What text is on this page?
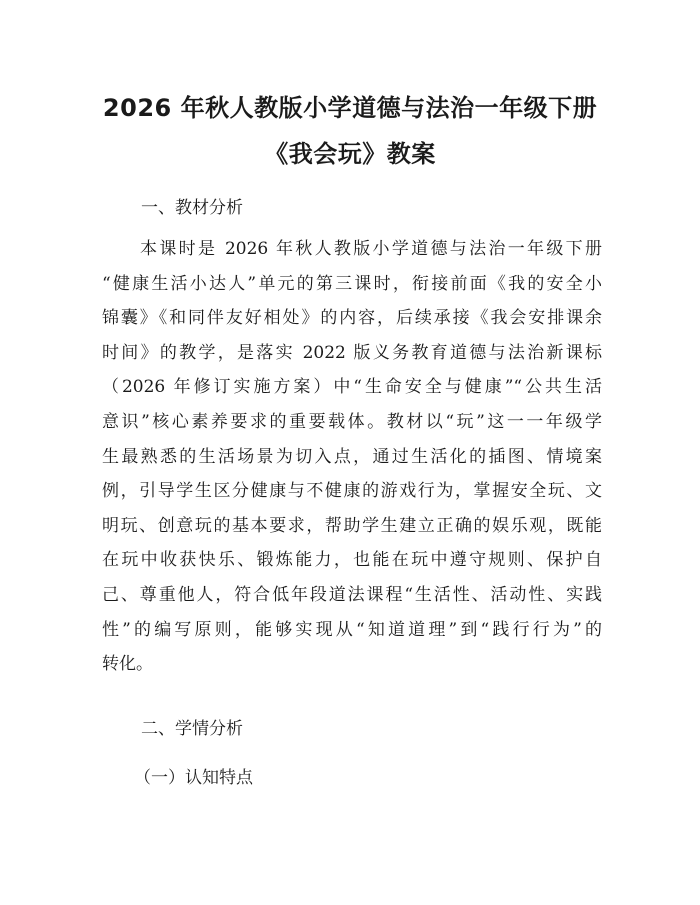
2026 年秋人教版小学道德与法治一年级下册
《我会玩》教案
一、教材分析
本课时是 2026 年秋人教版小学道德与法治一年级下册
“健康生活小达人”单元的第三课时，衔接前面《我的安全小
锦囊》《和同伴友好相处》的内容，后续承接《我会安排课余
时间》的教学，是落实 2022 版义务教育道德与法治新课标
（2026 年修订实施方案）中“生命安全与健康”“公共生活
意识”核心素养要求的重要载体。教材以“玩”这一一年级学
生最熟悉的生活场景为切入点，通过生活化的插图、情境案
例，引导学生区分健康与不健康的游戏行为，掌握安全玩、文
明玩、创意玩的基本要求，帮助学生建立正确的娱乐观，既能
在玩中收获快乐、锻炼能力，也能在玩中遵守规则、保护自
己、尊重他人，符合低年段道法课程“生活性、活动性、实践
性”的编写原则，能够实现从“知道道理”到“践行行为”的
转化。
二、学情分析
（一）认知特点
